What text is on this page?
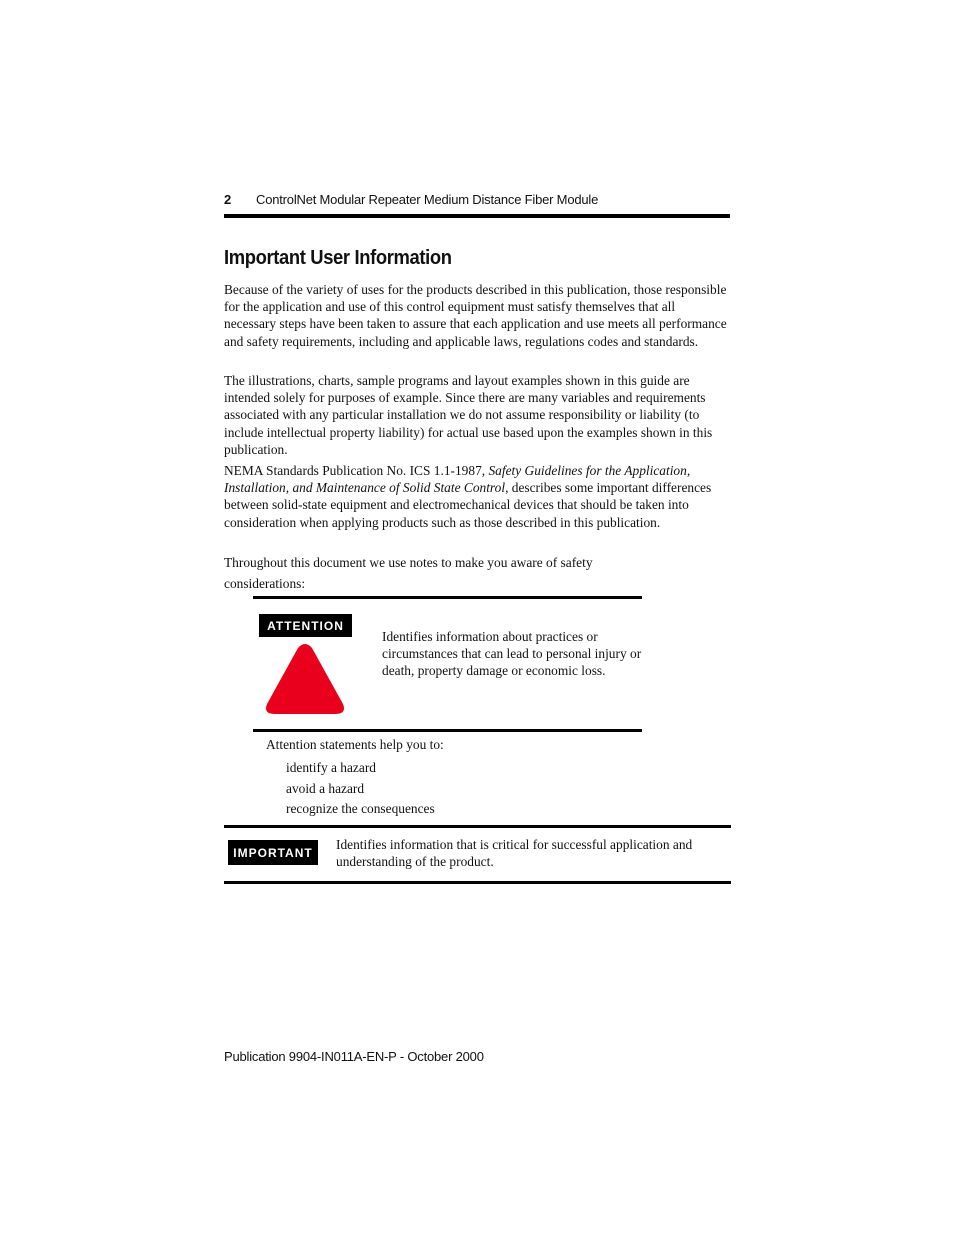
2 ControlNet Modular Repeater Medium Distance Fiber Module
Important User Information
Because of the variety of uses for the products described in this publication, those responsible for the application and use of this control equipment must satisfy themselves that all necessary steps have been taken to assure that each application and use meets all performance and safety requirements, including and applicable laws, regulations codes and standards.
The illustrations, charts, sample programs and layout examples shown in this guide are intended solely for purposes of example. Since there are many variables and requirements associated with any particular installation we do not assume responsibility or liability (to include intellectual property liability) for actual use based upon the examples shown in this publication.
NEMA Standards Publication No. ICS 1.1-1987, Safety Guidelines for the Application, Installation, and Maintenance of Solid State Control, describes some important differences between solid-state equipment and electromechanical devices that should be taken into consideration when applying products such as those described in this publication.
Throughout this document we use notes to make you aware of safety considerations:
ATTENTION
Identifies information about practices or circumstances that can lead to personal injury or death, property damage or economic loss.
Attention statements help you to:
identify a hazard
avoid a hazard
recognize the consequences
IMPORTANT
Identifies information that is critical for successful application and understanding of the product.
Publication 9904-IN011A-EN-P - October 2000
